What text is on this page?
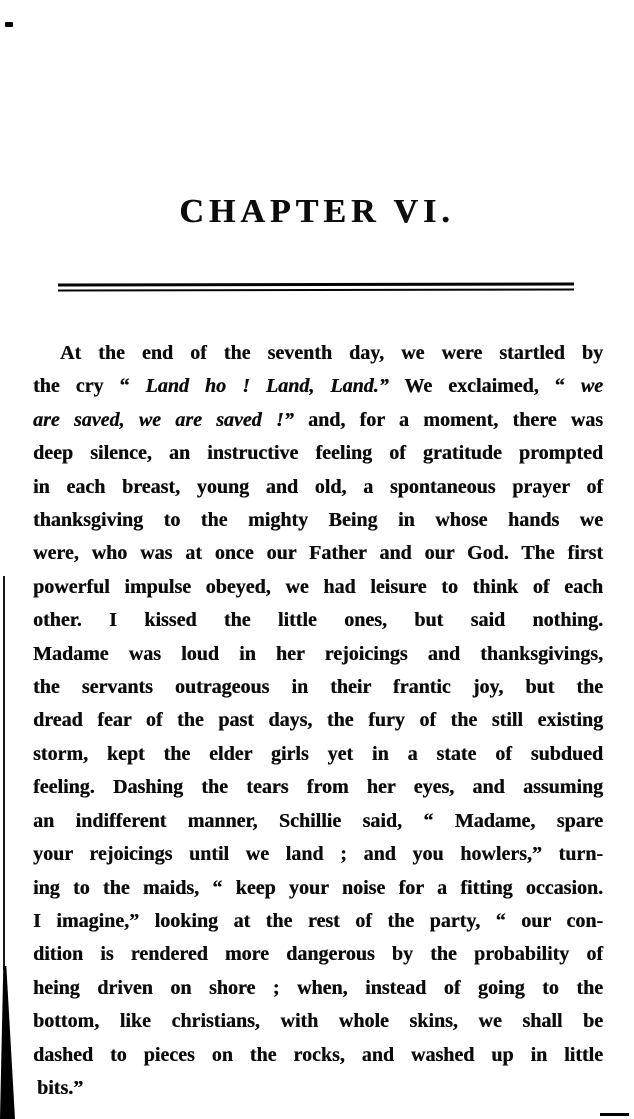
CHAPTER VI.
At the end of the seventh day, we were startled by
the cry “ Land ho ! Land, Land.” We exclaimed, “ we
are saved, we are saved !” and, for a moment, there was
deep silence, an instructive feeling of gratitude prompted
in each breast, young and old, a spontaneous prayer of
thanksgiving to the mighty Being in whose hands we
were, who was at once our Father and our God. The first
powerful impulse obeyed, we had leisure to think of each
other. I kissed the little ones, but said nothing.
Madame was loud in her rejoicings and thanksgivings,
the servants outrageous in their frantic joy, but the
dread fear of the past days, the fury of the still existing
storm, kept the elder girls yet in a state of subdued
feeling. Dashing the tears from her eyes, and assuming
an indifferent manner, Schillie said, “ Madame, spare
your rejoicings until we land ; and you howlers,” turn-
ing to the maids, “ keep your noise for a fitting occasion.
I imagine,” looking at the rest of the party, “ our con-
dition is rendered more dangerous by the probability of
heing driven on shore ; when, instead of going to the
bottom, like christians, with whole skins, we shall be
dashed to pieces on the rocks, and washed up in little
bits.”
